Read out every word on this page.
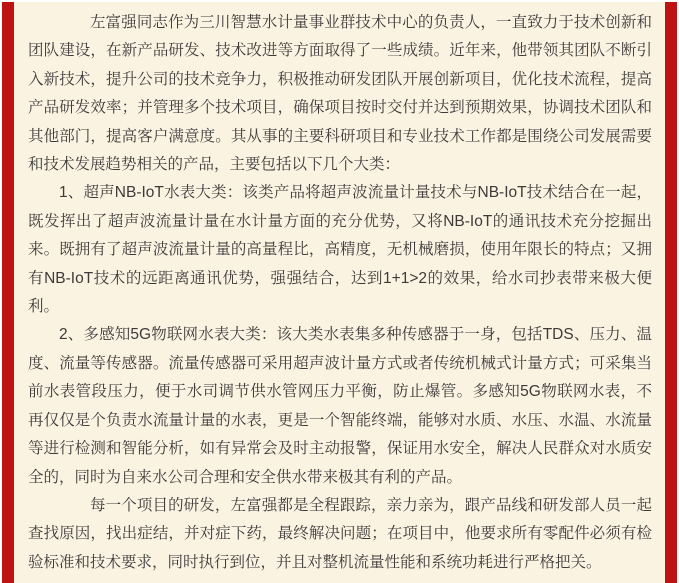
左富强同志作为三川智慧水计量事业群技术中心的负责人，一直致力于技术创新和团队建设，在新产品研发、技术改进等方面取得了一些成绩。近年来，他带领其团队不断引入新技术，提升公司的技术竞争力，积极推动研发团队开展创新项目，优化技术流程，提高产品研发效率；并管理多个技术项目，确保项目按时交付并达到预期效果，协调技术团队和其他部门，提高客户满意度。其从事的主要科研项目和专业技术工作都是围绕公司发展需要和技术发展趋势相关的产品，主要包括以下几个大类：

1、超声NB-IoT水表大类：该类产品将超声波流量计量技术与NB-IoT技术结合在一起，既发挥出了超声波流量计量在水计量方面的充分优势，又将NB-IoT的通讯技术充分挖掘出来。既拥有了超声波流量计量的高量程比，高精度，无机械磨损，使用年限长的特点；又拥有NB-IoT技术的远距离通讯优势，强强结合，达到1+1>2的效果，给水司抄表带来极大便利。

2、多感知5G物联网水表大类：该大类水表集多种传感器于一身，包括TDS、压力、温度、流量等传感器。流量传感器可采用超声波计量方式或者传统机械式计量方式；可采集当前水表管段压力，便于水司调节供水管网压力平衡，防止爆管。多感知5G物联网水表，不再仅仅是个负责水流量计量的水表，更是一个智能终端，能够对水质、水压、水温、水流量等进行检测和智能分析，如有异常会及时主动报警，保证用水安全，解决人民群众对水质安全的，同时为自来水公司合理和安全供水带来极其有利的产品。

每一个项目的研发，左富强都是全程跟踪，亲力亲为，跟产品线和研发部人员一起查找原因，找出症结，并对症下药，最终解决问题；在项目中，他要求所有零配件必须有检验标准和技术要求，同时执行到位，并且对整机流量性能和系统功耗进行严格把关。
